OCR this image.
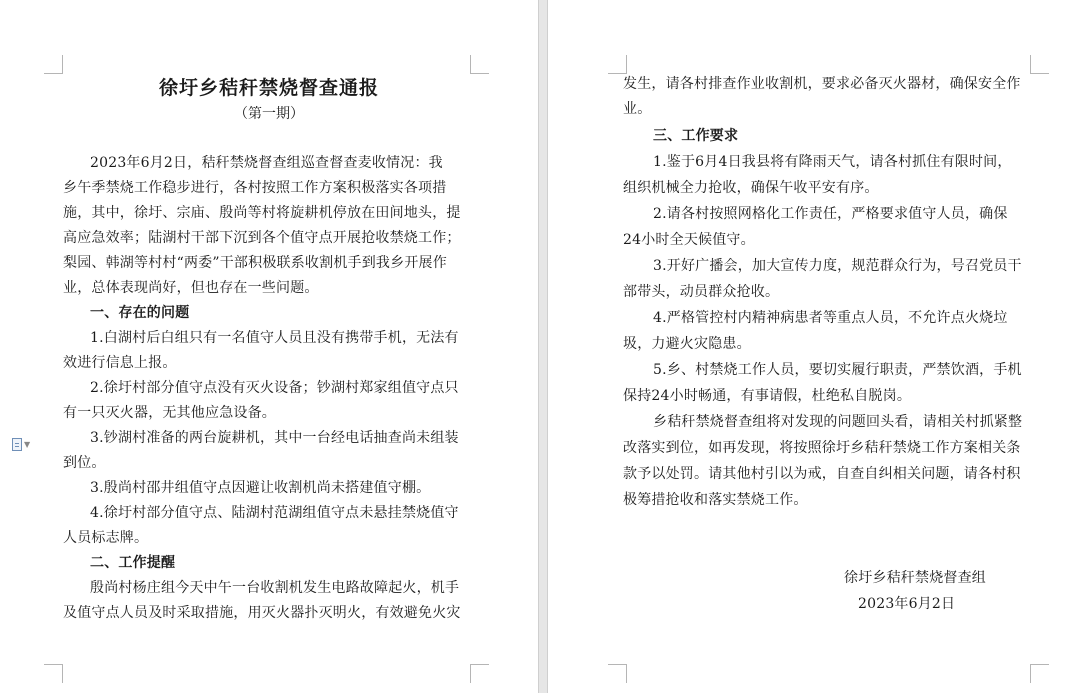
徐圩乡秸秆禁烧督查通报
（第一期）
2023年6月2日，秸秆禁烧督查组巡查督查麦收情况：我
乡午季禁烧工作稳步进行，各村按照工作方案积极落实各项措
施，其中，徐圩、宗庙、殷尚等村将旋耕机停放在田间地头，提
高应急效率；陆湖村干部下沉到各个值守点开展抢收禁烧工作；
梨园、韩湖等村村“两委”干部积极联系收割机手到我乡开展作
业，总体表现尚好，但也存在一些问题。
一、存在的问题
1.白湖村后白组只有一名值守人员且没有携带手机，无法有
效进行信息上报。
2.徐圩村部分值守点没有灭火设备；钞湖村郑家组值守点只
有一只灭火器，无其他应急设备。
3.钞湖村准备的两台旋耕机，其中一台经电话抽查尚未组装
到位。
3.殷尚村邵井组值守点因避让收割机尚未搭建值守棚。
4.徐圩村部分值守点、陆湖村范湖组值守点未悬挂禁烧值守
人员标志牌。
二、工作提醒
殷尚村杨庄组今天中午一台收割机发生电路故障起火，机手
及值守点人员及时采取措施，用灭火器扑灭明火，有效避免火灾
▼
发生，请各村排查作业收割机，要求必备灭火器材，确保安全作
业。
三、工作要求
1.鉴于6月4日我县将有降雨天气，请各村抓住有限时间，
组织机械全力抢收，确保午收平安有序。
2.请各村按照网格化工作责任，严格要求值守人员，确保
24小时全天候值守。
3.开好广播会，加大宣传力度，规范群众行为，号召党员干
部带头，动员群众抢收。
4.严格管控村内精神病患者等重点人员，不允许点火烧垃
圾，力避火灾隐患。
5.乡、村禁烧工作人员，要切实履行职责，严禁饮酒，手机
保持24小时畅通，有事请假，杜绝私自脱岗。
乡秸秆禁烧督查组将对发现的问题回头看，请相关村抓紧整
改落实到位，如再发现，将按照徐圩乡秸秆禁烧工作方案相关条
款予以处罚。请其他村引以为戒，自查自纠相关问题，请各村积
极筹措抢收和落实禁烧工作。
徐圩乡秸秆禁烧督查组
2023年6月2日
